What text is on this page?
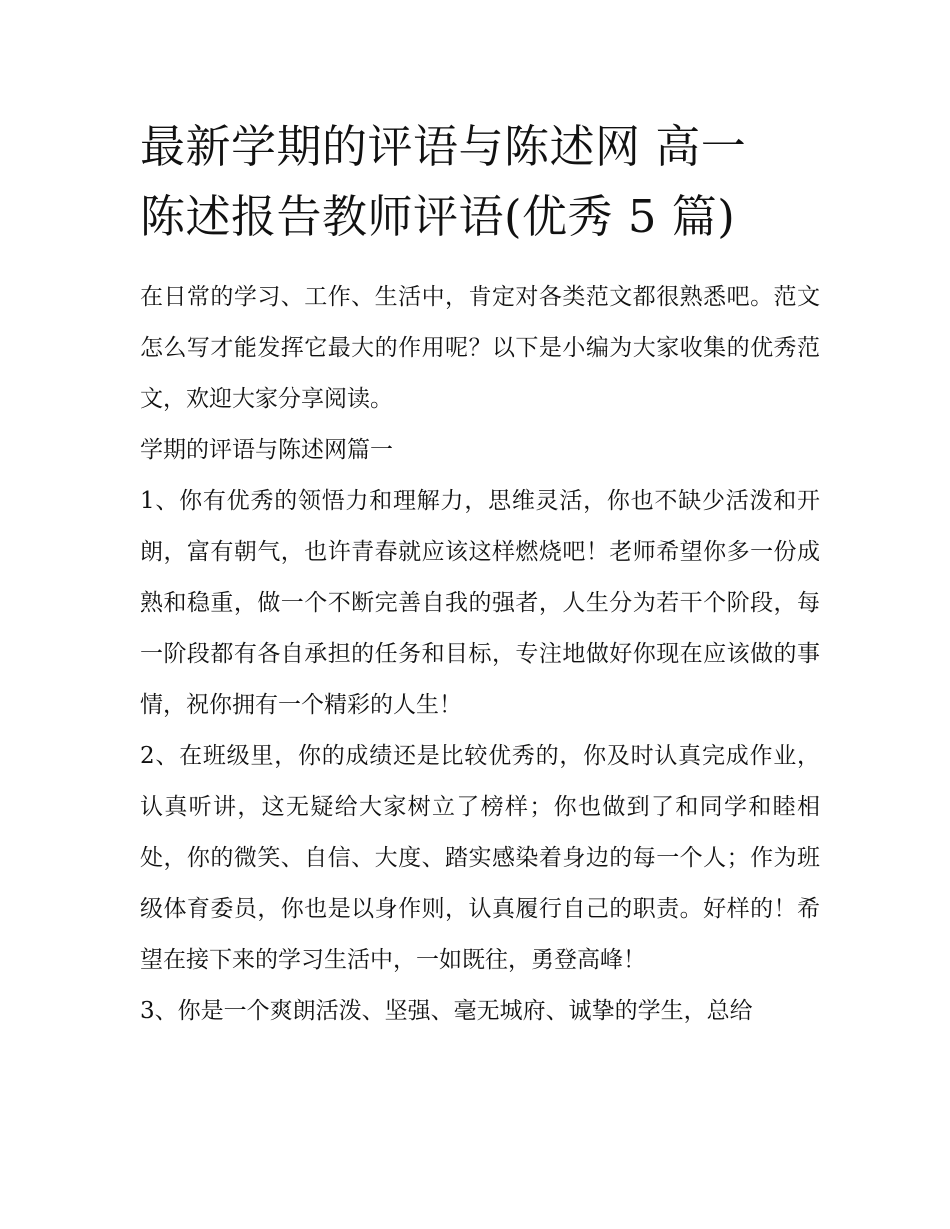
最新学期的评语与陈述网 高一
陈述报告教师评语(优秀 5 篇)

在日常的学习、工作、生活中，肯定对各类范文都很熟悉吧。范文怎么写才能发挥它最大的作用呢？以下是小编为大家收集的优秀范文，欢迎大家分享阅读。

学期的评语与陈述网篇一

1、你有优秀的领悟力和理解力，思维灵活，你也不缺少活泼和开朗，富有朝气，也许青春就应该这样燃烧吧！老师希望你多一份成熟和稳重，做一个不断完善自我的强者，人生分为若干个阶段，每一阶段都有各自承担的任务和目标，专注地做好你现在应该做的事情，祝你拥有一个精彩的人生！

2、在班级里，你的成绩还是比较优秀的，你及时认真完成作业，认真听讲，这无疑给大家树立了榜样；你也做到了和同学和睦相处，你的微笑、自信、大度、踏实感染着身边的每一个人；作为班级体育委员，你也是以身作则，认真履行自己的职责。好样的！希望在接下来的学习生活中，一如既往，勇登高峰！

3、你是一个爽朗活泼、坚强、毫无城府、诚挚的学生，总给
